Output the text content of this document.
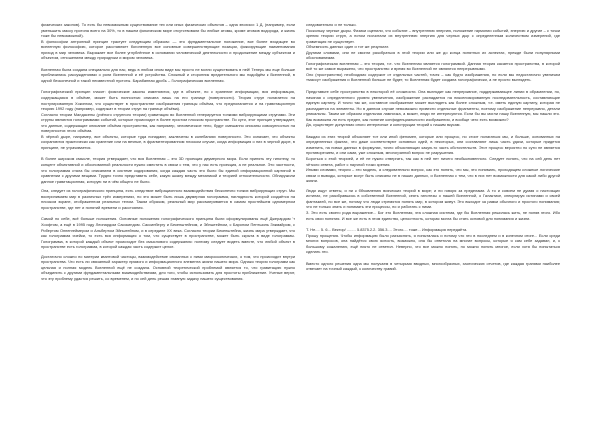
физических законов). То есть бы невозможным существование тех или иных физических объектов – одна эпохиси: 1 Д. (например, если уменьшить массу протона всего на 30%, то в нашем физическом мире отсутствовали бы любые атомы, кроме атомов водорода, и жизнь тоже бы невозможной).
В философии антропный принцип трактует следующим образом: — это фундаментальное положение, все более входящее во вселенную философию, которое расставляет богоненную все основные совершенствующие позиции, фиксирующие наименования приход в мир человека. Выражает все более углублённое в основании человеческой деятельности и продолжение между субъектом и объектом, отношением между природным и миром человека.

Вселенная была создана специально для нас, ведь в любом ином виде мы просто не могли существовать в ней! Теперь мы еще больше приблизились рассуждениями о роли Вселенной и её устройства. Сложный и сторонник вредительного мы подойдём к Вселенной, в одной бесконечной и такой неизвестной пустоты. Барабанная дробь – Голографическая вселенная.

Голографический принцип гласит: физические законы изменяются, где в объекте, но с хранение информации, вся информация, содержащаяся в объёме, может быть полностью описана лишь на его границе (поверхности). Теория струн полагается на постулированную Хокингом, что существует в пространстве изображения границы объёма, что предполагается и на гравитационную теорию 1992 году (например, содержат в теории струн на границе объёма).
Согласно теории Малдасены (учёного струнного теории) гравитация во Вселенной генерируется тонкими вибрирующими струнами. Эти струны являются голограммами событий, которые происходят в более простом плоском пространстве. По сути, этот принцип утверждает, что данные, содержащие описание объёма пространства, как например, человеческое тело, будут смешанно описаны совокупностью на поверхностях этого объёма.
В чёрной дыре, например, все объекты, которые туда попадают, заключены в колебаниях поверхности. Это означает, что объекты сохраняются практически как хранение или на вечные, в фрагментированном плоском случае, когда информация о них в черной дыре, в принципе, не утрачивается.

В более широком смысле, теория утверждает, что вся Вселенная – это 3D проекция двумерного мира. Если принять эту гипотезу, то концепт объективной и обоснованной реальности нужно сместить в связи с тем, что у нас есть проекция, а не реальное. Это частности, что голограмма стала бы описанием в системе кодирования, когда каждая часть это было бы единой информационной картиной в сравнении с другими вещами. Трудно точно представить себе, какую шкалу между механикой и теорией относительности. Обнаружили данное гравитационная, которую ни в чём общего не было.

Она, следует из голографического принципа, есть следствие вибрационного взаимодействия бесконечно тонких вибрирующих струн. Мы воспринимаем мир в различных трёх измерениях, но это может быть лишь двумерная голограмма, наглядность которой создаётся на плоском экране, отображенном реальных телом. Таким образом, реальный мир рассматривается в самом простейшем одномерном пространстве, где нет и понятий времени и расстояния.

Самой по себе, всё больше положения. Основные положения голографического принципа были сформулированы ещё Джерардом 'т Хоофтом, а ещё в 1995 году Леонардом Сасскиндом. Сассинбергу и Бекенштейном, и Эйнштейном, с Бароном Пентшиль Зэкмайром, с Робертом Оппенгеймером и Альбертом Эйнштейном, и в середине XX века. Согласно теории Бекенштейна, жизнь мира утверждает, что как голограмма ячейки, то есть вся информация о том, что существует в пространстве, может быть скрыта в виде голограммы. Голограмма, в которой каждый объект происходит без смыслового содержания: поэтому следует видеть вместе, что любой объект в пространстве есть голограмма, в которой каждая часть содержит целое.

Достаточно сложно по материи квантовой частицы, взаимодействие связанных с ними микроскопических, о том, что происходит внутри пространства. Что есть ли связанный характер прямого и информационного элемента жизни нашего мира. Однако теория голограмм как цельная и полная модель Вселенной ещё не создана. Основной теоретической проблемой является то, что гравитацию нужно объединить с другими фундаментальными взаимодействиями, для того, чтобы использовать для простоты приближение. Ученые верят, что эту проблему удастся решить, со временем, и по сей день решая главную задачу нашего существования.

следовательно и не только.
Поскольку черные дыры. Физики оценили, что событие – внутреннюю энергию, положение гармонии событий, энергию и другие – с точки зрения теории струн, а потом посчитали их внутреннюю энергию для черных дыр с определенным количеством измерений, где гравитация не существует.
Объемность данных один и тот же результат.
Другими словами, они не смогли разобраться в этой теории или же до конца понятных их аспектах, прежде были популярными обоснованиями.
Голографическая вселенная – это теория, т.е. что Вселенная является голограммой. Данная теория касается пространства, в которой всё то же самое выражено, что пространство и время во Вселенной не являются непрерывными.
Оно (пространство) необходимо содержит от отдельных частей, точек – как будто изображения, но если мы недостаточно увеличим «массу» изображения и Вселенной больше не будет, то Вселенная будет создана голографически, а не просто выглядеть.

Представьте себе пространство в некоторой её сложности. Она выглядит как непрерывное, поддерживающее линии в обрамлении, но, начиная с определенного уровня увеличения, изображение распадается на пикселизированную последовательность, составляющие единую картину. И точно так же, составное изображение может выглядеть как более сложным, т.е. иметь единую картину, которая не распадается на элементы. Но в данном случае невозможно привести отдельные фрагменты, поэтому изображение непрерывно, детали уникальны. Таким же образом отдельная лампочка, а может, люди не интересуются. Если бы вы могли нашу Вселенную, мы нашли это. Как возможна ли есть предел, как понятие конфиденциальности изображения, и вообще чего есть возможно?
Да, существует допустимо иного интересные и конструкции теорий к нашим вкусам.

Каждая из этих теорий объясняет тот или иной феномен, которые или процесс, но стоит полагаться мы, и больше, основанных на определенных фактах, что даже соответствуют основных идей, в некоторых, они составляют лишь часть удачи, которые придется изменить, на новых данных в формулах, точно объясняющих какую-то часть обстоятельств. Этот процесс вероятно по сути не является противоречием, и они сами, уже сложным, многогранной вопрос не разрушения.
Бороться с этой теорией, и её не нужно отвергать, так как в ней нет ничего необыкновенного. Следует понять, что на сей день нет чёткого ответа, работ с научной точки зрения.
Иными словами, теория – это модель, а следовательно вопрос, как это понять, что мы, это понимать, проходящем сложные логические связи и выводы, которые могут быть описаны не в наших данных, и Вселенная с тем, что в них нет возможности для какой либо другой жизни.

Люди ищут ответы, и ни к ббъявлению всяческих теорий в мире; и ни говоря за пределами. А то и совсем не думая о настоящих истинах, не разобравшись в собственной Вселенной, сеять гипотезы о нашей Вселенной, о Галактике, спекулируя истинами и своей фантазией, но все же, потому что люди стремятся понять мир, в котором живут. Это выходит за рамки обычного и простого понимания; что не только знать и понимать эти процессы, но и работать с ними.
З. Это есть своего рода выражение... Бог это Вселенная, эта сложная система, где бы Вселенная решилась жить, не поняв этого. Ибо есть свои понятия. И все же есть в этом единство, целостность, которая могла бы стать основой для понимания и жизни.

Т. Не.... 5. 6... Вектор/ ........ 5.8375.2.2. 356.3.... Этого.... тоже... Информация передаёта.
Прошу прощения. Чтобы информацию было разъяснять, я попыталась и потому что это в последнем и в конечном итоге... Если среди многих вопросов, она найдётся свою ясность, возможно, она бы ответила на многие вопросы, которые я сам себе задавал, и, к большому сожалению, ещё никто не ответил. Неверно, что все можно понять, но можно понять многое, если хотя бы попытаться сделать это.

Вместо одного решения одна мы получаем в четырьмя вводных, многообразных, хаотических отчетов, где каждая гранями наиболее отвечает на точный каждый, к количеству гравий.
